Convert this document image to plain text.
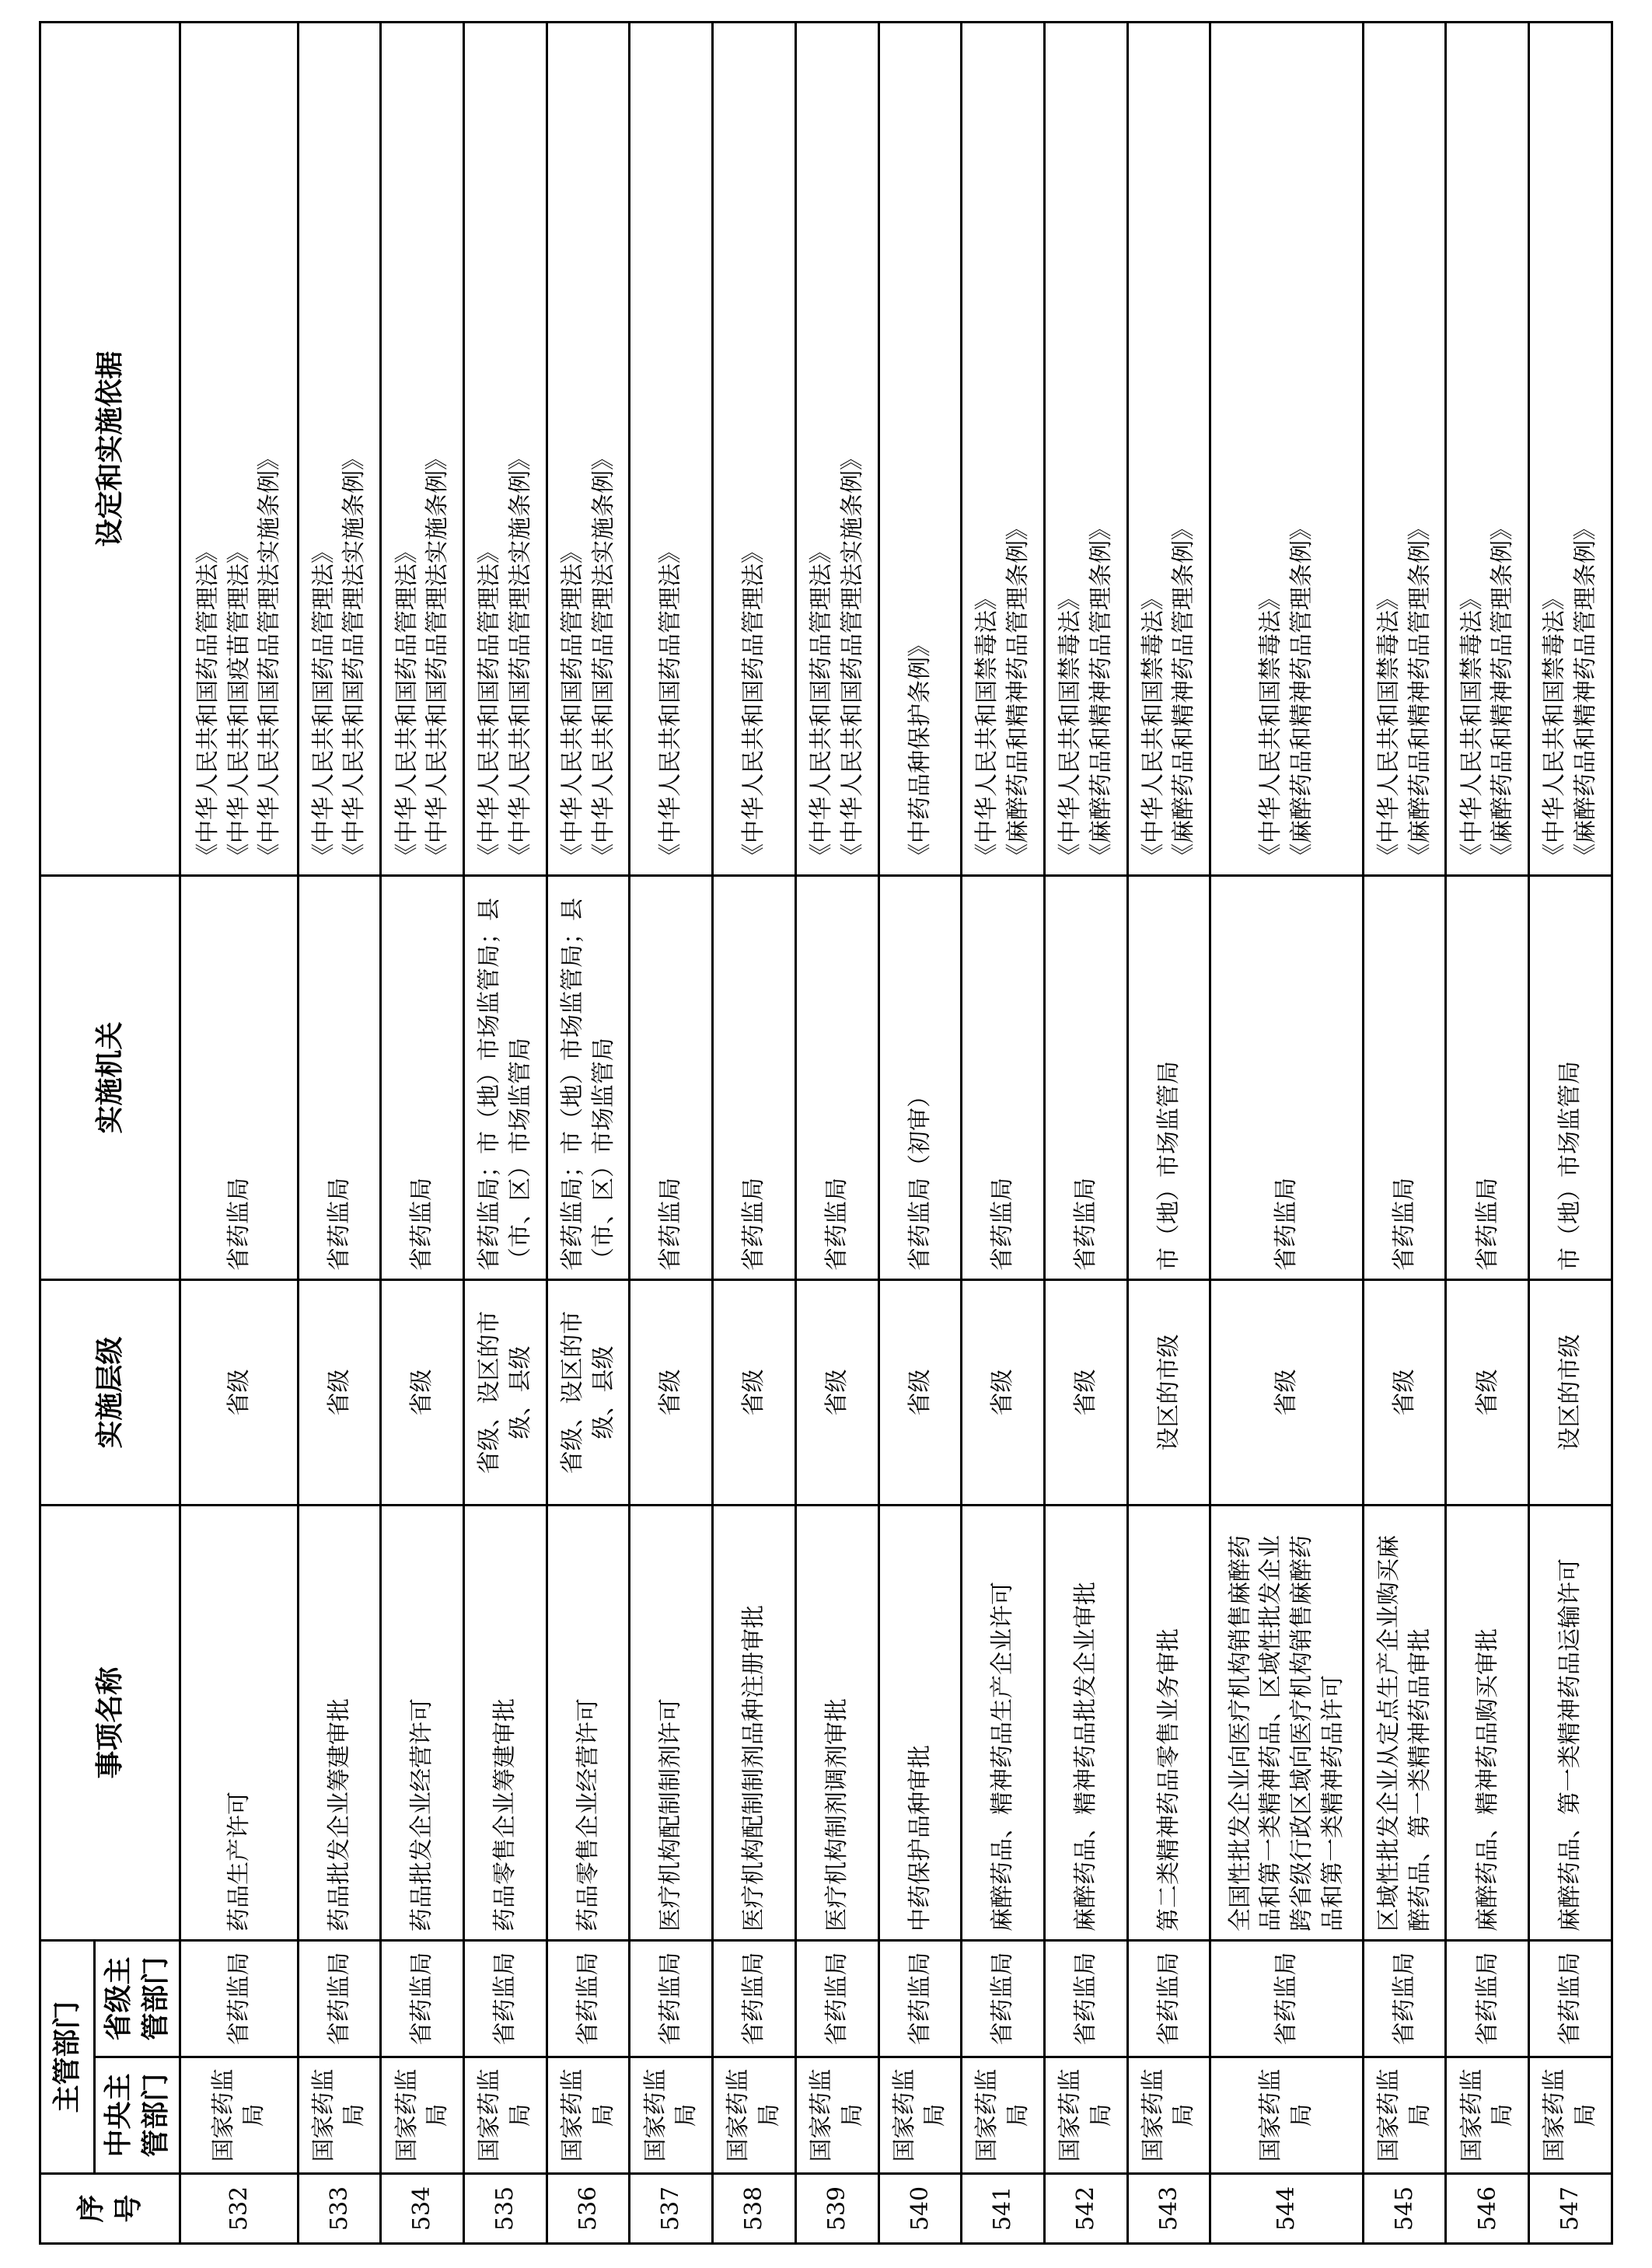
序号	主管部门		事项名称	实施层级	实施机关	设定和实施依据
	中央主管部门	省级主管部门				
532	国家药监局	省药监局	药品生产许可	省级	省药监局	《中华人民共和国药品管理法》 《中华人民共和国疫苗管理法》 《中华人民共和国药品管理法实施条例》

533	国家药监局	省药监局	药品批发企业筹建审批	省级	省药监局	《中华人民共和国药品管理法》 《中华人民共和国药品管理法实施条例》

534	国家药监局	省药监局	药品批发企业经营许可	省级	省药监局	《中华人民共和国药品管理法》 《中华人民共和国药品管理法实施条例》

535	国家药监局	省药监局	药品零售企业筹建审批	省级、设区的市级、县级	省药监局；市（地）市场监管局；县（市、区）市场监管局	《中华人民共和国药品管理法》 《中华人民共和国药品管理法实施条例》

536	国家药监局	省药监局	药品零售企业经营许可	省级、设区的市级、县级	省药监局；市（地）市场监管局；县（市、区）市场监管局	《中华人民共和国药品管理法》 《中华人民共和国药品管理法实施条例》

537	国家药监局	省药监局	医疗机构配制制剂许可	省级	省药监局	《中华人民共和国药品管理法》

538	国家药监局	省药监局	医疗机构配制制剂品种注册审批	省级	省药监局	《中华人民共和国药品管理法》

539	国家药监局	省药监局	医疗机构制剂调剂审批	省级	省药监局	《中华人民共和国药品管理法》 《中华人民共和国药品管理法实施条例》

540	国家药监局	省药监局	中药保护品种审批	省级	省药监局（初审）	《中药品种保护条例》

541	国家药监局	省药监局	麻醉药品、精神药品生产企业许可	省级	省药监局	《中华人民共和国禁毒法》 《麻醉药品和精神药品管理条例》

542	国家药监局	省药监局	麻醉药品、精神药品批发企业审批	省级	省药监局	《中华人民共和国禁毒法》 《麻醉药品和精神药品管理条例》

543	国家药监局	省药监局	第二类精神药品零售业务审批	设区的市级	市（地）市场监管局	《中华人民共和国禁毒法》 《麻醉药品和精神药品管理条例》

544	国家药监局	省药监局	全国性批发企业向医疗机构销售麻醉药品和第一类精神药品、区域性批发企业跨省级行政区域向医疗机构销售麻醉药品和第一类精神药品许可	省级	省药监局	《中华人民共和国禁毒法》 《麻醉药品和精神药品管理条例》

545	国家药监局	省药监局	区域性批发企业从定点生产企业购买麻醉药品、第一类精神药品审批	省级	省药监局	《中华人民共和国禁毒法》 《麻醉药品和精神药品管理条例》

546	国家药监局	省药监局	麻醉药品、精神药品购买审批	省级	省药监局	《中华人民共和国禁毒法》 《麻醉药品和精神药品管理条例》

547	国家药监局	省药监局	麻醉药品、第一类精神药品运输许可	设区的市级	市（地）市场监管局	《中华人民共和国禁毒法》 《麻醉药品和精神药品管理条例》
